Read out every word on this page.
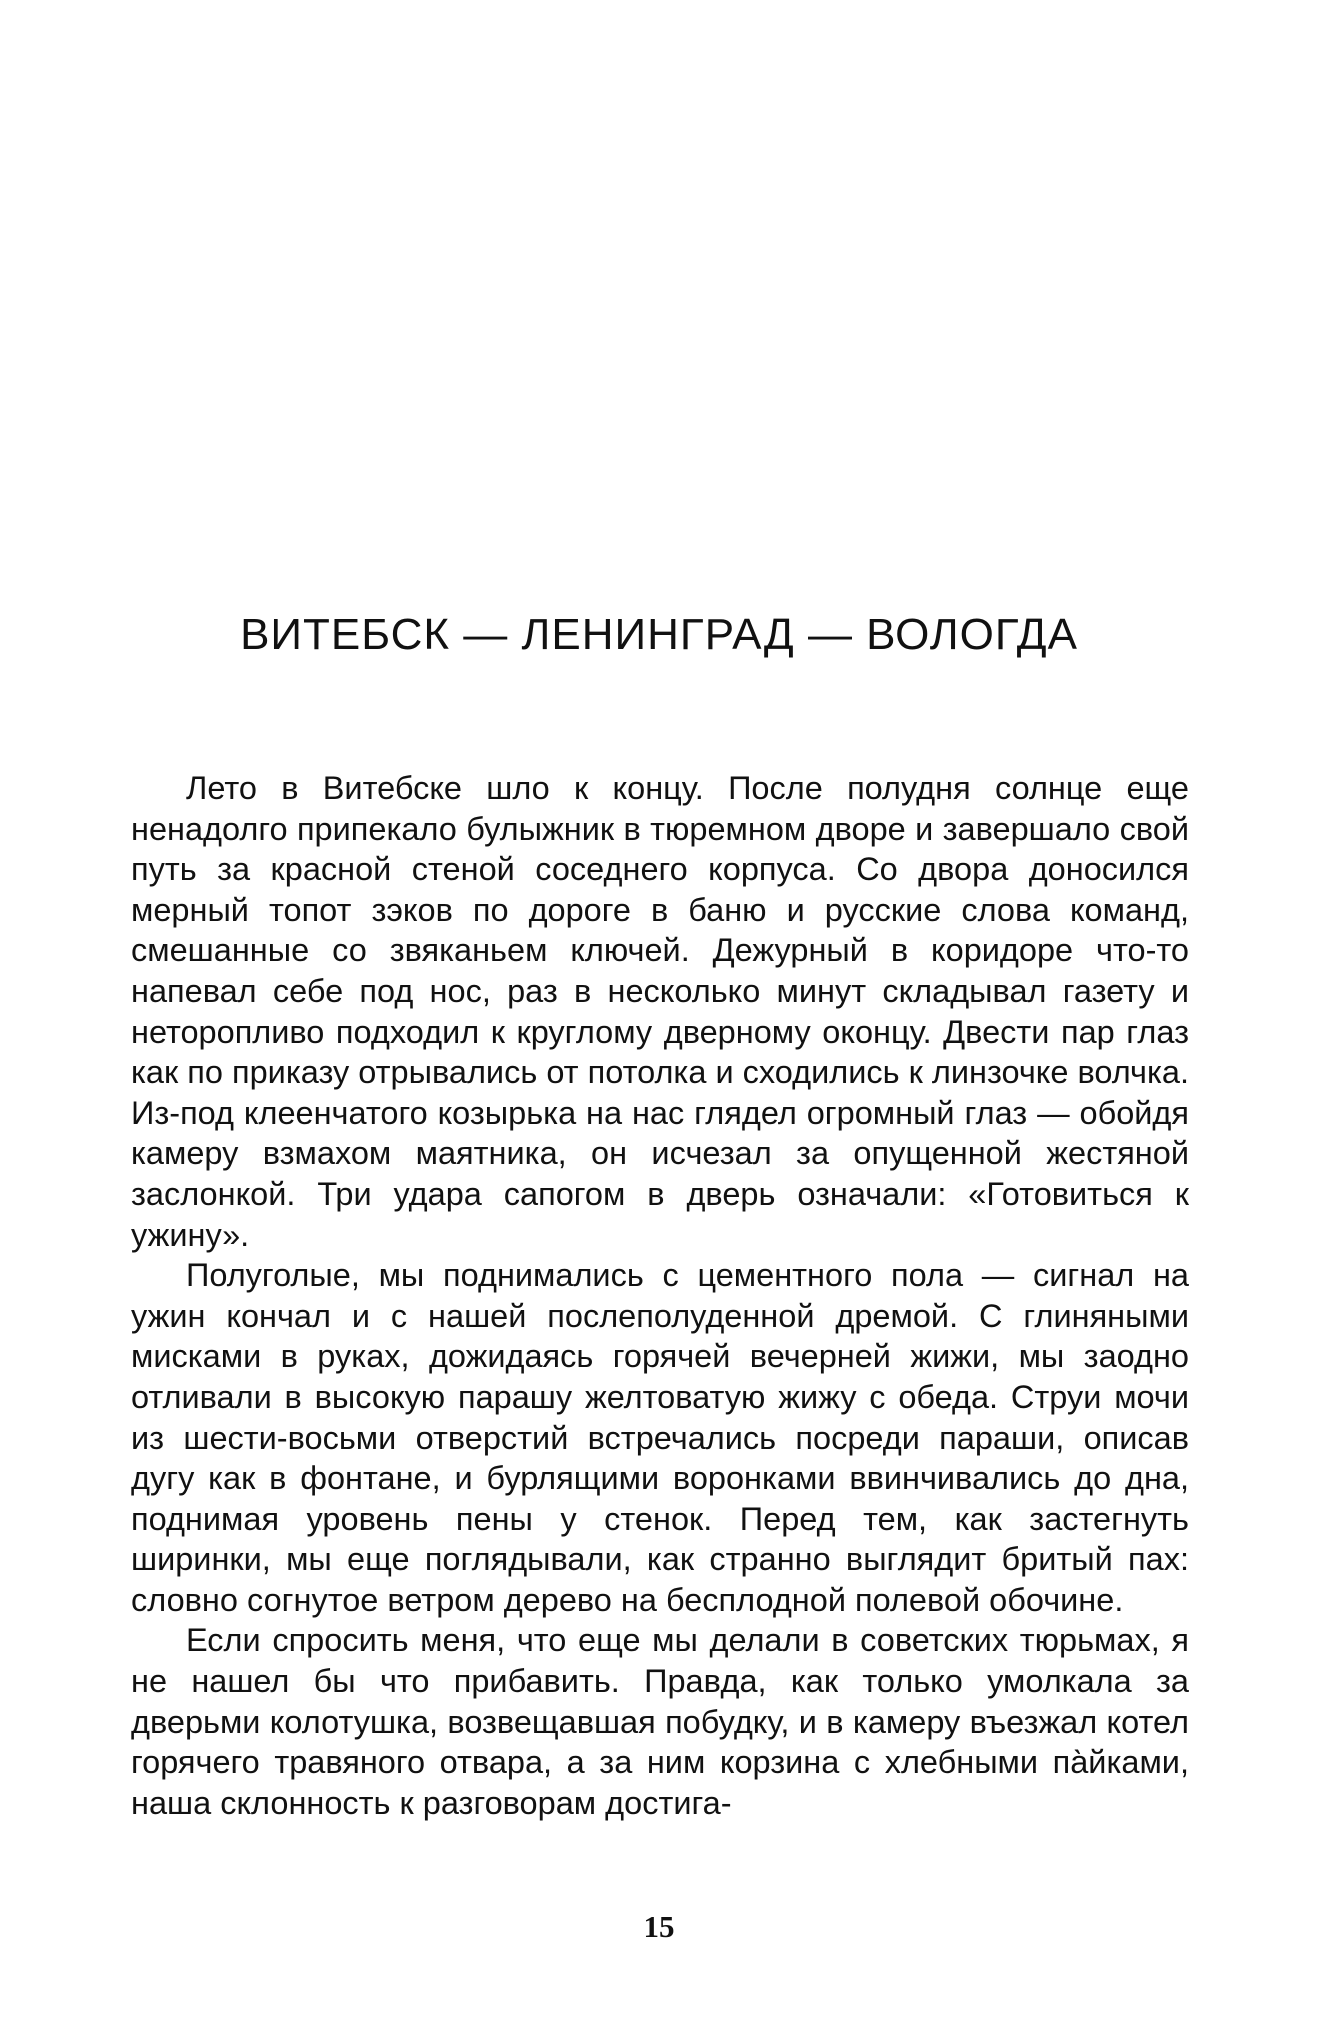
ВИТЕБСК — ЛЕНИНГРАД — ВОЛОГДА

Лето в Витебске шло к концу. После полудня солнце еще ненадолго припекало булыжник в тюремном дворе и завершало свой путь за красной стеной соседнего корпуса. Со двора доносился мерный топот зэков по дороге в баню и русские слова команд, смешанные со звяканьем ключей. Дежурный в коридоре что-то напевал себе под нос, раз в несколько минут складывал газету и неторопливо подходил к круглому дверному оконцу. Двести пар глаз как по приказу отрывались от потолка и сходились к линзочке волчка. Из-под клеенчатого козырька на нас глядел огромный глаз — обойдя камеру взмахом маятника, он исчезал за опущенной жестяной заслонкой. Три удара сапогом в дверь означали: «Готовиться к ужину».

Полуголые, мы поднимались с цементного пола — сигнал на ужин кончал и с нашей послеполуденной дремой. С глиняными мисками в руках, дожидаясь горячей вечерней жижи, мы заодно отливали в высокую парашу желтоватую жижу с обеда. Струи мочи из шести-восьми отверстий встречались посреди параши, описав дугу как в фонтане, и бурлящими воронками ввинчивались до дна, поднимая уровень пены у стенок. Перед тем, как застегнуть ширинки, мы еще поглядывали, как странно выглядит бритый пах: словно согнутое ветром дерево на бесплодной полевой обочине.

Если спросить меня, что еще мы делали в советских тюрьмах, я не нашел бы что прибавить. Правда, как только умолкала за дверьми колотушка, возвещавшая побудку, и в камеру въезжал котел горячего травяного отвара, а за ним корзина с хлебными па̀йками, наша склонность к разговорам достига-

15
